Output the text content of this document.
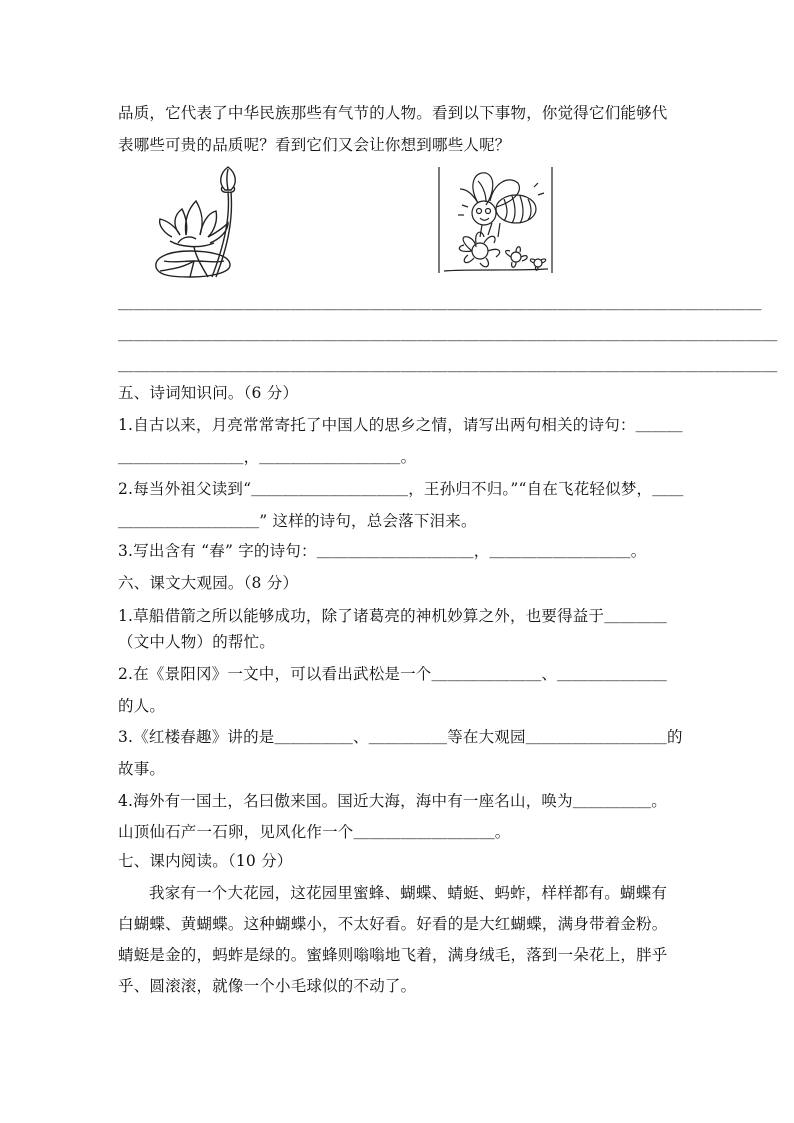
品质，它代表了中华民族那些有气节的人物。看到以下事物，你觉得它们能够代
表哪些可贵的品质呢？看到它们又会让你想到哪些人呢？
＿＿＿＿＿＿＿＿＿＿＿＿＿＿＿＿＿＿＿＿＿＿＿＿＿＿＿＿＿＿＿＿＿＿＿＿＿＿＿＿＿
＿＿＿＿＿＿＿＿＿＿＿＿＿＿＿＿＿＿＿＿＿＿＿＿＿＿＿＿＿＿＿＿＿＿＿＿＿＿＿＿＿＿
＿＿＿＿＿＿＿＿＿＿＿＿＿＿＿＿＿＿＿＿＿＿＿＿＿＿＿＿＿＿＿＿＿＿＿＿＿＿＿＿＿＿
五、诗词知识问。（6 分）
1.自古以来，月亮常常寄托了中国人的思乡之情，请写出两句相关的诗句：＿＿＿
＿＿＿＿＿＿＿＿，＿＿＿＿＿＿＿＿＿。
2.每当外祖父读到“＿＿＿＿＿＿＿＿＿＿，王孙归不归。”“自在飞花轻似梦，＿＿
＿＿＿＿＿＿＿＿＿” 这样的诗句，总会落下泪来。
3.写出含有 “春” 字的诗句：＿＿＿＿＿＿＿＿＿＿，＿＿＿＿＿＿＿＿＿。
六、课文大观园。（8 分）
1.草船借箭之所以能够成功，除了诸葛亮的神机妙算之外，也要得益于＿＿＿＿
（文中人物）的帮忙。
2.在《景阳冈》一文中，可以看出武松是一个＿＿＿＿＿＿＿、＿＿＿＿＿＿＿
的人。
3.《红楼春趣》讲的是＿＿＿＿＿、＿＿＿＿＿等在大观园＿＿＿＿＿＿＿＿＿的
故事。
4.海外有一国土，名曰傲来国。国近大海，海中有一座名山，唤为＿＿＿＿＿。
山顶仙石产一石卵，见风化作一个＿＿＿＿＿＿＿＿＿。
七、课内阅读。（10 分）
我家有一个大花园，这花园里蜜蜂、蝴蝶、蜻蜓、蚂蚱，样样都有。蝴蝶有
白蝴蝶、黄蝴蝶。这种蝴蝶小，不太好看。好看的是大红蝴蝶，满身带着金粉。
蜻蜓是金的，蚂蚱是绿的。蜜蜂则嗡嗡地飞着，满身绒毛，落到一朵花上，胖乎
乎、圆滚滚，就像一个小毛球似的不动了。
